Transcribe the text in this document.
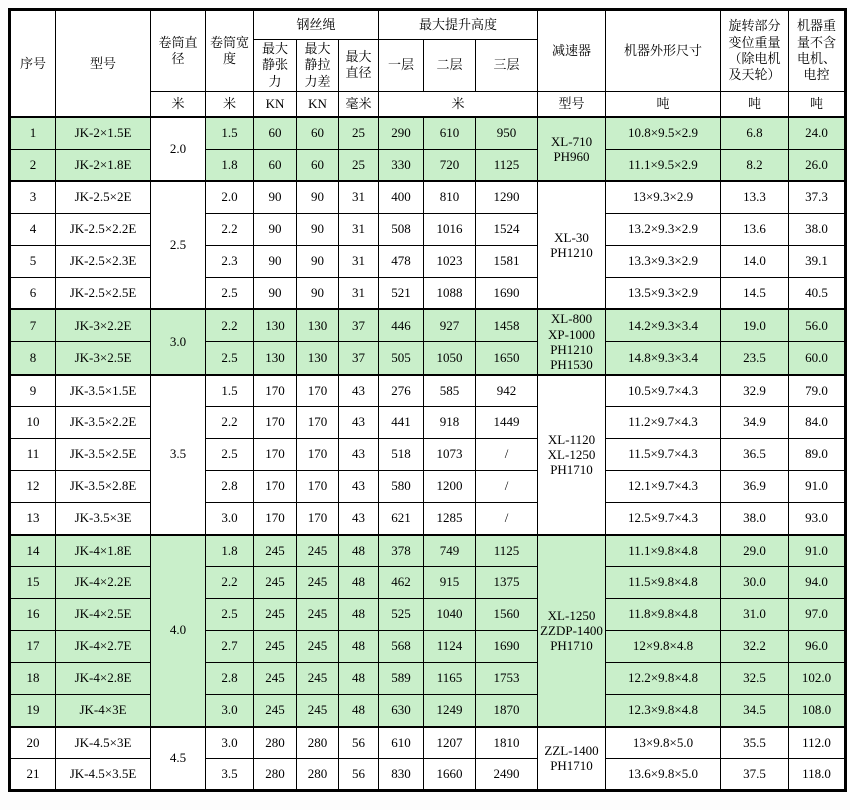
序号	型号	卷筒直径	卷筒宽度	钢丝绳			最大提升高度			减速器	机器外形尺寸	旋转部分变位重量（除电机及天轮）	机器重量不含电机、电控
				最大静张力	最大静拉力差	最大直径	一层	二层	三层				
		米	米	KN	KN	毫米	米			型号	吨	吨	吨
1	JK-2×1.5E	2.0	1.5	60	60	25	290	610	950	XL-710
PH960	10.8×9.5×2.9	6.8	24.0
2	JK-2×1.8E		1.8	60	60	25	330	720	1125		11.1×9.5×2.9	8.2	26.0
3	JK-2.5×2E	2.5	2.0	90	90	31	400	810	1290	XL-30
PH1210	13×9.3×2.9	13.3	37.3
4	JK-2.5×2.2E		2.2	90	90	31	508	1016	1524		13.2×9.3×2.9	13.6	38.0
5	JK-2.5×2.3E		2.3	90	90	31	478	1023	1581		13.3×9.3×2.9	14.0	39.1
6	JK-2.5×2.5E		2.5	90	90	31	521	1088	1690		13.5×9.3×2.9	14.5	40.5
7	JK-3×2.2E	3.0	2.2	130	130	37	446	927	1458	XL-800
XP-1000
PH1210
PH1530	14.2×9.3×3.4	19.0	56.0
8	JK-3×2.5E		2.5	130	130	37	505	1050	1650		14.8×9.3×3.4	23.5	60.0
9	JK-3.5×1.5E	3.5	1.5	170	170	43	276	585	942	XL-1120
XL-1250
PH1710	10.5×9.7×4.3	32.9	79.0
10	JK-3.5×2.2E		2.2	170	170	43	441	918	1449		11.2×9.7×4.3	34.9	84.0
11	JK-3.5×2.5E		2.5	170	170	43	518	1073	/		11.5×9.7×4.3	36.5	89.0
12	JK-3.5×2.8E		2.8	170	170	43	580	1200	/		12.1×9.7×4.3	36.9	91.0
13	JK-3.5×3E		3.0	170	170	43	621	1285	/		12.5×9.7×4.3	38.0	93.0
14	JK-4×1.8E	4.0	1.8	245	245	48	378	749	1125	XL-1250
ZZDP-1400
PH1710	11.1×9.8×4.8	29.0	91.0
15	JK-4×2.2E		2.2	245	245	48	462	915	1375		11.5×9.8×4.8	30.0	94.0
16	JK-4×2.5E		2.5	245	245	48	525	1040	1560		11.8×9.8×4.8	31.0	97.0
17	JK-4×2.7E		2.7	245	245	48	568	1124	1690		12×9.8×4.8	32.2	96.0
18	JK-4×2.8E		2.8	245	245	48	589	1165	1753		12.2×9.8×4.8	32.5	102.0
19	JK-4×3E		3.0	245	245	48	630	1249	1870		12.3×9.8×4.8	34.5	108.0
20	JK-4.5×3E	4.5	3.0	280	280	56	610	1207	1810	ZZL-1400
PH1710	13×9.8×5.0	35.5	112.0
21	JK-4.5×3.5E		3.5	280	280	56	830	1660	2490		13.6×9.8×5.0	37.5	118.0
